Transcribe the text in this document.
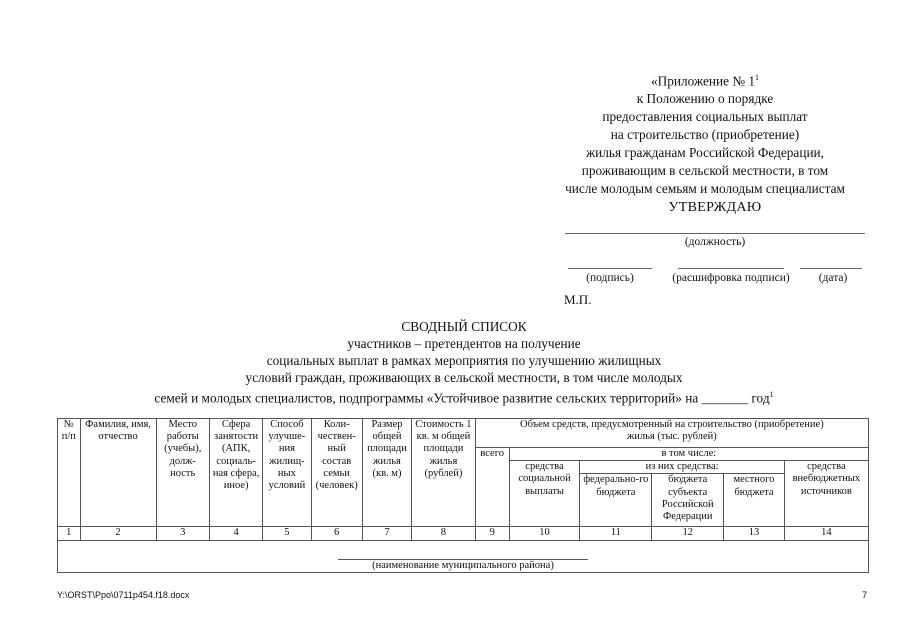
«Приложение № $1^1$
к Положению о порядке
предоставления социальных выплат
на строительство (приобретение)
жилья гражданам Российской Федерации,
проживающим в сельской местности, в том
числе молодым семьям и молодым специалистам
УТВЕРЖДАЮ
(должность)
(подпись)	(расшифровка подписи)	(дата)
М.П.
СВОДНЫЙ СПИСОК
участников – претендентов на получение
социальных выплат в рамках мероприятия по улучшению жилищных
условий граждан, проживающих в сельской местности, в том числе молодых
семей и молодых специалистов, подпрограммы «Устойчивое развитие сельских территорий» на _______ год$^1$
№ п/п	Фамилия, имя, отчество	Место работы (учебы), долж-ность	Сфера занятости (АПК, социаль-ная сфера, иное)	Способ улучше-ния жилищ-ных условий	Коли-чествен-ный состав семьи (человек)	Размер общей площади жилья (кв. м)	Стоимость 1 кв. м общей площади жилья (рублей)	Объем средств, предусмотренный на строительство (приобретение) жилья (тыс. рублей)					
								всего	в том числе:				
									средства социальной выплаты	из них средства:			средства внебюджетных источников
										федерально-го бюджета	бюджета субъекта Российской Федерации	местного бюджета	
1	2	3	4	5	6	7	8	9	10	11	12	13	14

(наименование муниципального района)													
Y:\ORST\Ppo\0711p454.f18.docx	7
